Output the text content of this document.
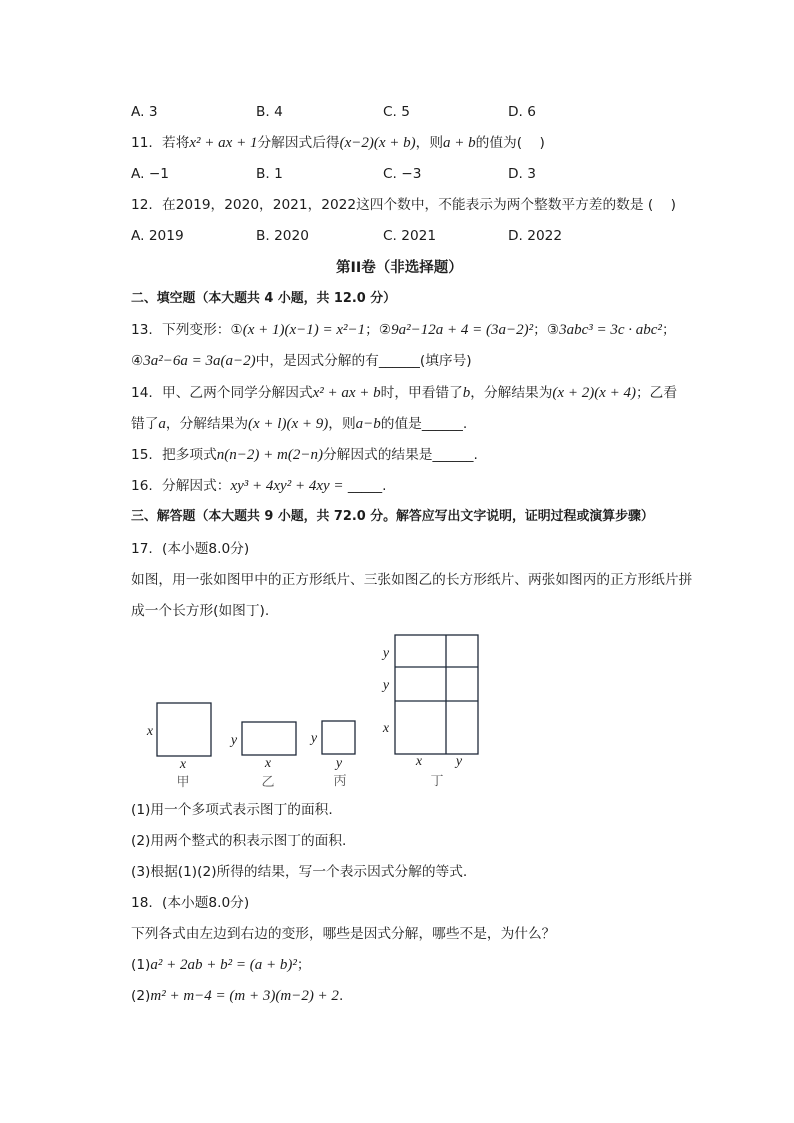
A. 3	B. 4	C. 5	D. 6
11. 若将 x² + ax + 1 分解因式后得 (x−2)(x + b) ，则 a + b 的值为(    )
A. −1	B. 1	C. −3	D. 3
12. 在2019，2020，2021，2022这四个数中，不能表示为两个整数平方差的数是 (    )
A. 2019	B. 2020	C. 2021	D. 2022
第II卷（非选择题）
二、填空题（本大题共 4 小题，共 12.0 分）
13. 下列变形：① (x + 1)(x−1) = x²−1 ；② 9a²−12a + 4 = (3a−2)² ；③ 3abc³ = 3c · abc² ；
④ 3a²−6a = 3a(a−2) 中，是因式分解的有______(填序号)
14. 甲、乙两个同学分解因式 x² + ax + b 时，甲看错了 b ，分解结果为 (x + 2)(x + 4) ；乙看
错了 a ，分解结果为 (x + l)(x + 9) ，则 a−b 的值是______.
15. 把多项式 n(n−2) + m(2−n) 分解因式的结果是______.
16. 分解因式： xy³ + 4xy² + 4xy = _____.
三、解答题（本大题共 9 小题，共 72.0 分。解答应写出文字说明，证明过程或演算步骤）
17. (本小题8.0分)
如图，用一张如图甲中的正方形纸片、三张如图乙的长方形纸片、两张如图丙的正方形纸片拼
成一个长方形(如图丁).
x
x
甲
y
x
乙
y
y
丙
y
y
x
x y
丁
(1)用一个多项式表示图丁的面积.
(2)用两个整式的积表示图丁的面积.
(3)根据(1)(2)所得的结果，写一个表示因式分解的等式.
18. (本小题8.0分)
下列各式由左边到右边的变形，哪些是因式分解，哪些不是，为什么？
(1) a² + 2ab + b² = (a + b)² ；
(2) m² + m−4 = (m + 3)(m−2) + 2 .
